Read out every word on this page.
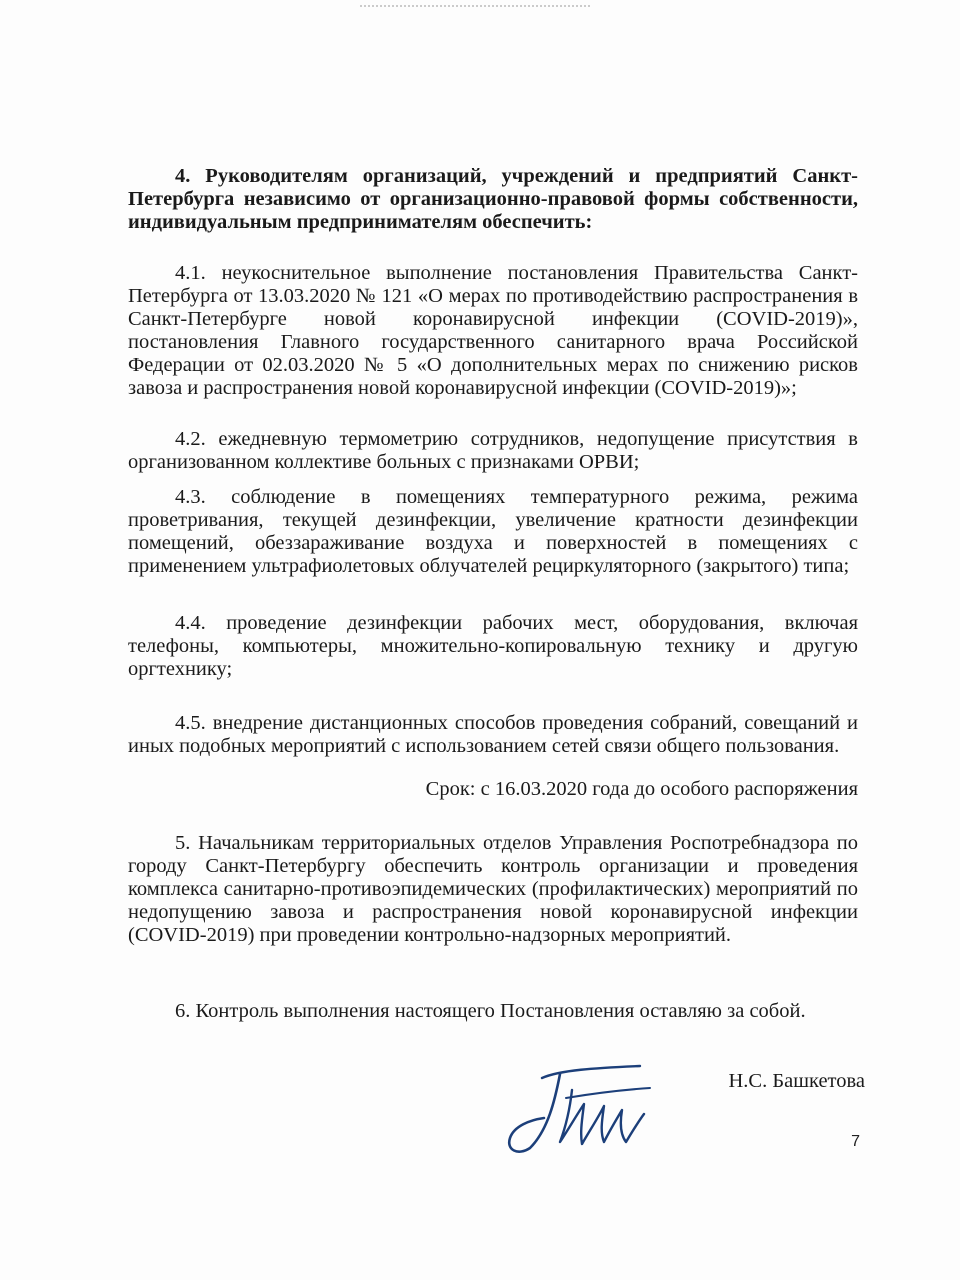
4. Руководителям организаций, учреждений и предприятий Санкт-Петербурга независимо от организационно-правовой формы собственности, индивидуальным предпринимателям обеспечить:

4.1. неукоснительное выполнение постановления Правительства Санкт-Петербурга от 13.03.2020 № 121 «О мерах по противодействию распространения в Санкт-Петербурге новой коронавирусной инфекции (COVID-2019)», постановления Главного государственного санитарного врача Российской Федерации от 02.03.2020 № 5 «О дополнительных мерах по снижению рисков завоза и распространения новой коронавирусной инфекции (COVID-2019)»;

4.2. ежедневную термометрию сотрудников, недопущение присутствия в организованном коллективе больных с признаками ОРВИ;

4.3. соблюдение в помещениях температурного режима, режима проветривания, текущей дезинфекции, увеличение кратности дезинфекции помещений, обеззараживание воздуха и поверхностей в помещениях с применением ультрафиолетовых облучателей рециркуляторного (закрытого) типа;

4.4. проведение дезинфекции рабочих мест, оборудования, включая телефоны, компьютеры, множительно-копировальную технику и другую оргтехнику;

4.5. внедрение дистанционных способов проведения собраний, совещаний и иных подобных мероприятий с использованием сетей связи общего пользования.

Срок: с 16.03.2020 года до особого распоряжения

5. Начальникам территориальных отделов Управления Роспотребнадзора по городу Санкт-Петербургу обеспечить контроль организации и проведения комплекса санитарно-противоэпидемических (профилактических) мероприятий по недопущению завоза и распространения новой коронавирусной инфекции (COVID-2019) при проведении контрольно-надзорных мероприятий.

6. Контроль выполнения настоящего Постановления оставляю за собой.

Н.С. Башкетова
7
